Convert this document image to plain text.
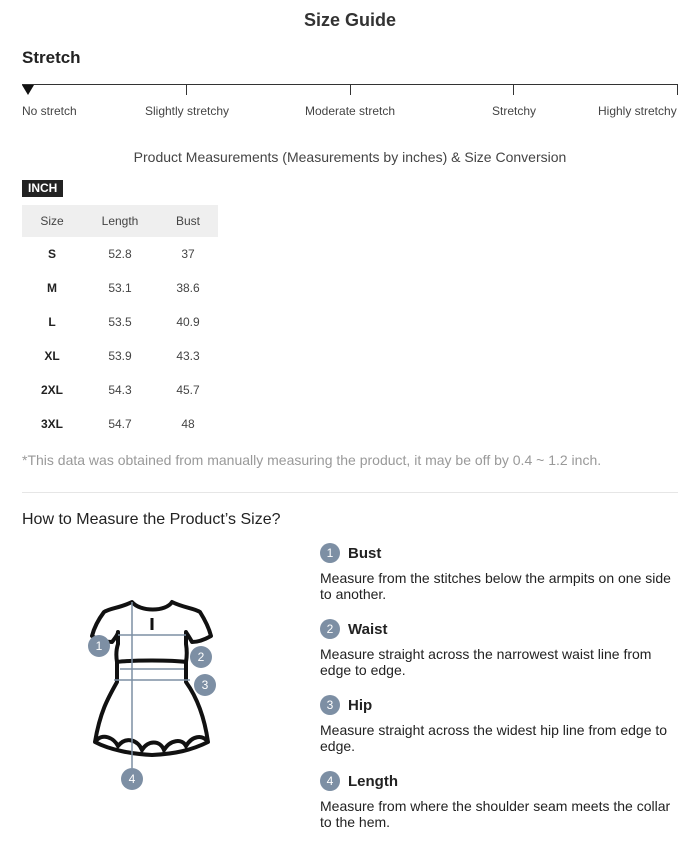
Size Guide
Stretch
No stretch	Slightly stretchy	Moderate stretch	Stretchy	Highly stretchy
Product Measurements (Measurements by inches) & Size Conversion
INCH
Size	Length	Bust
S	52.8	37
M	53.1	38.6
L	53.5	40.9
XL	53.9	43.3
2XL	54.3	45.7
3XL	54.7	48
*This data was obtained from manually measuring the product, it may be off by 0.4 ~ 1.2 inch.
How to Measure the Product’s Size?
1
2
3
4
1 Bust
Measure from the stitches below the armpits on one side to another.
2 Waist
Measure straight across the narrowest waist line from edge to edge.
3 Hip
Measure straight across the widest hip line from edge to edge.
4 Length
Measure from where the shoulder seam meets the collar to the hem.
